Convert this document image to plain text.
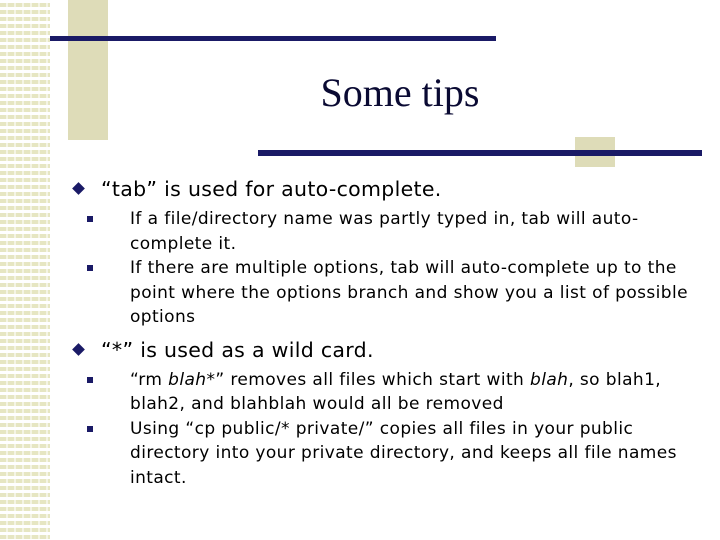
Some tips
“tab” is used for auto-complete.
If a file/directory name was partly typed in, tab will auto-complete it.
If there are multiple options, tab will auto-complete up to the point where the options branch and show you a list of possible options
“*” is used as a wild card.
“rm blah*” removes all files which start with blah, so blah1, blah2, and blahblah would all be removed
Using “cp public/* private/” copies all files in your public directory into your private directory, and keeps all file names intact.
